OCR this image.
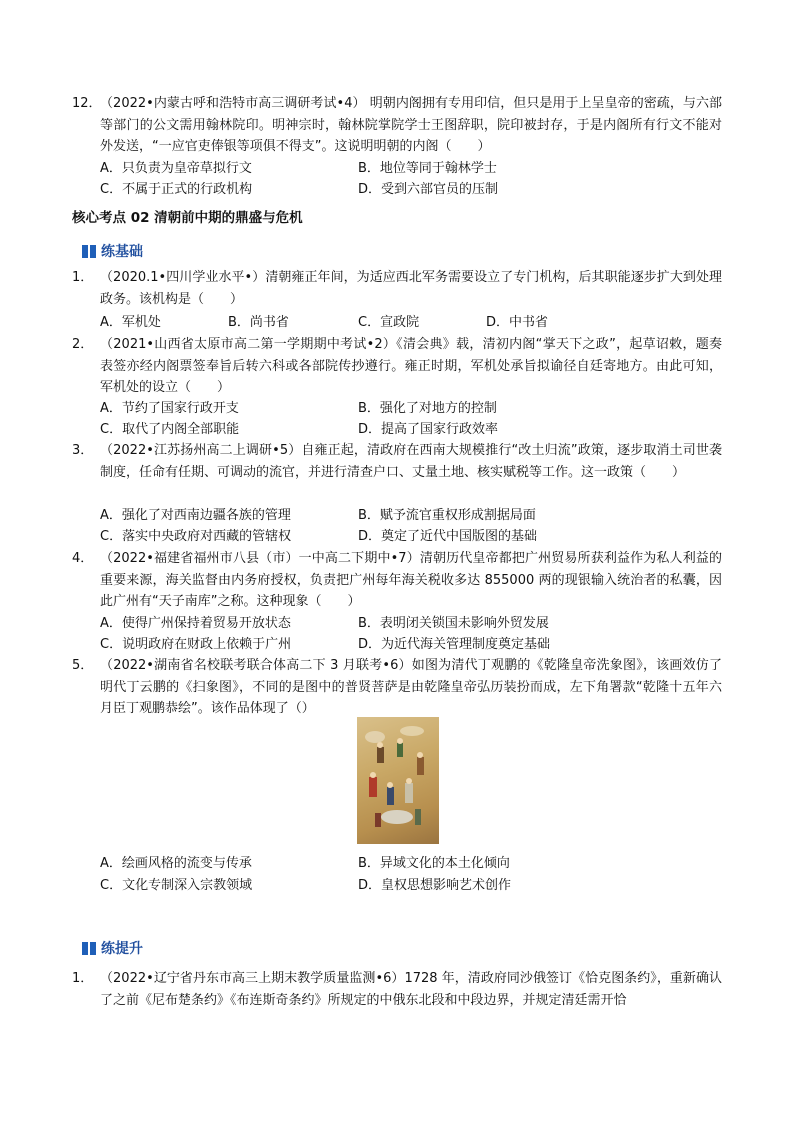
12．
（2022•内蒙古呼和浩特市高三调研考试•4） 明朝内阁拥有专用印信，但只是用于上呈皇帝的密疏，与六部等部门的公文需用翰林院印。明神宗时，翰林院掌院学士王图辞职，院印被封存，于是内阁所有行文不能对外发送，“一应官吏俸银等项俱不得支”。这说明明朝的内阁（　　）
A．只负责为皇帝草拟行文	B．地位等同于翰林学士
C．不属于正式的行政机构	D．受到六部官员的压制
核心考点 02 清朝前中期的鼎盛与危机
练基础
1． （2020.1•四川学业水平•）清朝雍正年间，为适应西北军务需要设立了专门机构，后其职能逐步扩大到处理政务。该机构是（　　）
A．军机处	B．尚书省	C．宣政院	D．中书省
2． （2021•山西省太原市高二第一学期期中考试•2）《清会典》载，清初内阁“掌天下之政”，起草诏敕，题奏表签亦经内阁票签奉旨后转六科或各部院传抄遵行。雍正时期，军机处承旨拟谕径自廷寄地方。由此可知，军机处的设立（　　）
A．节约了国家行政开支	B．强化了对地方的控制
C．取代了内阁全部职能	D．提高了国家行政效率
3． （2022•江苏扬州高二上调研•5）自雍正起，清政府在西南大规模推行“改土归流”政策，逐步取消土司世袭制度，任命有任期、可调动的流官，并进行清查户口、丈量土地、核实赋税等工作。这一政策（　　）
A．强化了对西南边疆各族的管理	B．赋予流官重权形成割据局面
C．落实中央政府对西藏的管辖权	D．奠定了近代中国版图的基础
4． （2022•福建省福州市八县（市）一中高二下期中•7）清朝历代皇帝都把广州贸易所获利益作为私人利益的重要来源，海关监督由内务府授权，负责把广州每年海关税收多达 855000 两的现银输入统治者的私囊，因此广州有“天子南库”之称。这种现象（　　）
A．使得广州保持着贸易开放状态	B．表明闭关锁国未影响外贸发展
C．说明政府在财政上依赖于广州	D．为近代海关管理制度奠定基础
5． （2022•湖南省名校联考联合体高二下 3 月联考•6）如图为清代丁观鹏的《乾隆皇帝洗象图》，该画效仿了明代丁云鹏的《扫象图》，不同的是图中的普贤菩萨是由乾隆皇帝弘历装扮而成，左下角署款“乾隆十五年六月臣丁观鹏恭绘”。该作品体现了（）
A．绘画风格的流变与传承	B．异域文化的本土化倾向
C．文化专制深入宗教领域	D．皇权思想影响艺术创作
练提升
1． （2022•辽宁省丹东市高三上期末教学质量监测•6）1728 年，清政府同沙俄签订《恰克图条约》，重新确认了之前《尼布楚条约》《布连斯奇条约》所规定的中俄东北段和中段边界，并规定清廷需开恰
